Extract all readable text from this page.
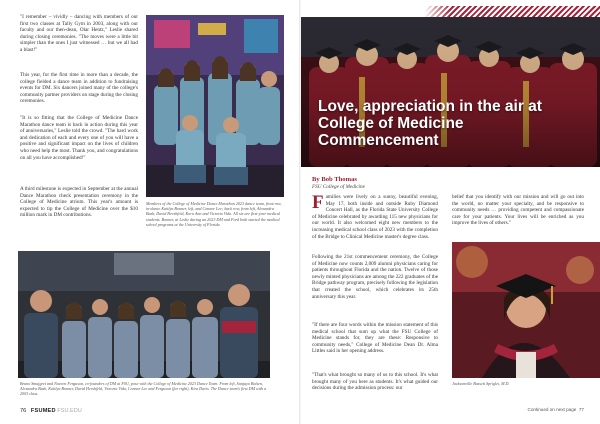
"I remember – vividly – dancing with members of our first two classes at Tally Gym in 2003, along with our faculty and our then-dean, Olar Hentz," Leslie shared during closing ceremonies. "The moves were a little bit simpler than the ones I just witnessed … but we all had a blast!"
This year, for the first time in more than a decade, the college fielded a dance team in addition to fundraising events for DM. Six dancers joined many of the college's community partner providers on stage during the closing ceremonies.
"It is so fitting that the College of Medicine Dance Marathon dance team is back in action during this year of anniversaries," Leslie told the crowd. "The hard work and dedication of each and every one of you will have a positive and significant impact on the lives of children who need help the most. Thank you, and congratulations on all you have accomplished!"
A third milestone is expected in September at the annual Dance Marathon check presentation ceremony in the College of Medicine atrium. This year's amount is expected to tip the College of Medicine over the $10 million mark in DM contributions.
Members of the College of Medicine Dance Marathon 2023 dance team, front row, in-dance Kaitlyn Bonner, left, and Connor Lee; back row, from left, Alexandra Bush, David Hershfeld, Kora Ann and Victoria Vida. All six are first-year medical students. Bonner, at Leslie during an 2023 DM and Ford both started the medical school programs at the University of Florida.
Bruno Smajgret and Naveen Ferguson, co-founders of DM at FSU, pose with the College of Medicine 2023 Dance Team. From left, Sanjaya Bolsen, Alexandra Bush, Kaitlyn Bonner, David Hershfeld, Victoria Vida, Connor Lee and Ferguson (far right), Kira Davis. The Dance team's first DM with a 2003 class.
76 FSUMED FSU.EDU
Love, appreciation in the air at College of Medicine Commencement
By Bob Thomas
FSU College of Medicine
Families were lively on a sunny, beautiful evening, May 17, both inside and outside Ruby Diamond Concert Hall, as the Florida State University College of Medicine celebrated by awarding 115 new physicians for our world. It also welcomed eight new members to the increasing medical school class of 2023 with the completion of the Bridge to Clinical Medicine master's degree class.
Following the 21st commencement ceremony, the College of Medicine now counts 2,009 alumni physicians caring for patients throughout Florida and the nation. Twelve of those newly minted physicians are among the 222 graduates of the Bridge pathway program, precisely following the legislation that created the school, which celebrates its 25th anniversary this year.
"If there are four words within the mission statement of this medical school that sum up what the FSU College of Medicine stands for, they are these: Responsive to community needs," College of Medicine Dean Dr. Alma Littles said in her opening address.
"That's what brought so many of us to this school. It's what brought many of you here as students. It's what guided our decisions during the admission process: our
belief that you identify with our mission and will go out into the world, no matter your specialty, and be responsive to community needs … providing competent and compassionate care for your patients. Your lives will be enriched as you improve the lives of others."
Jacksonville Bassett Spriglet, M.D.
Continued on next page 77
